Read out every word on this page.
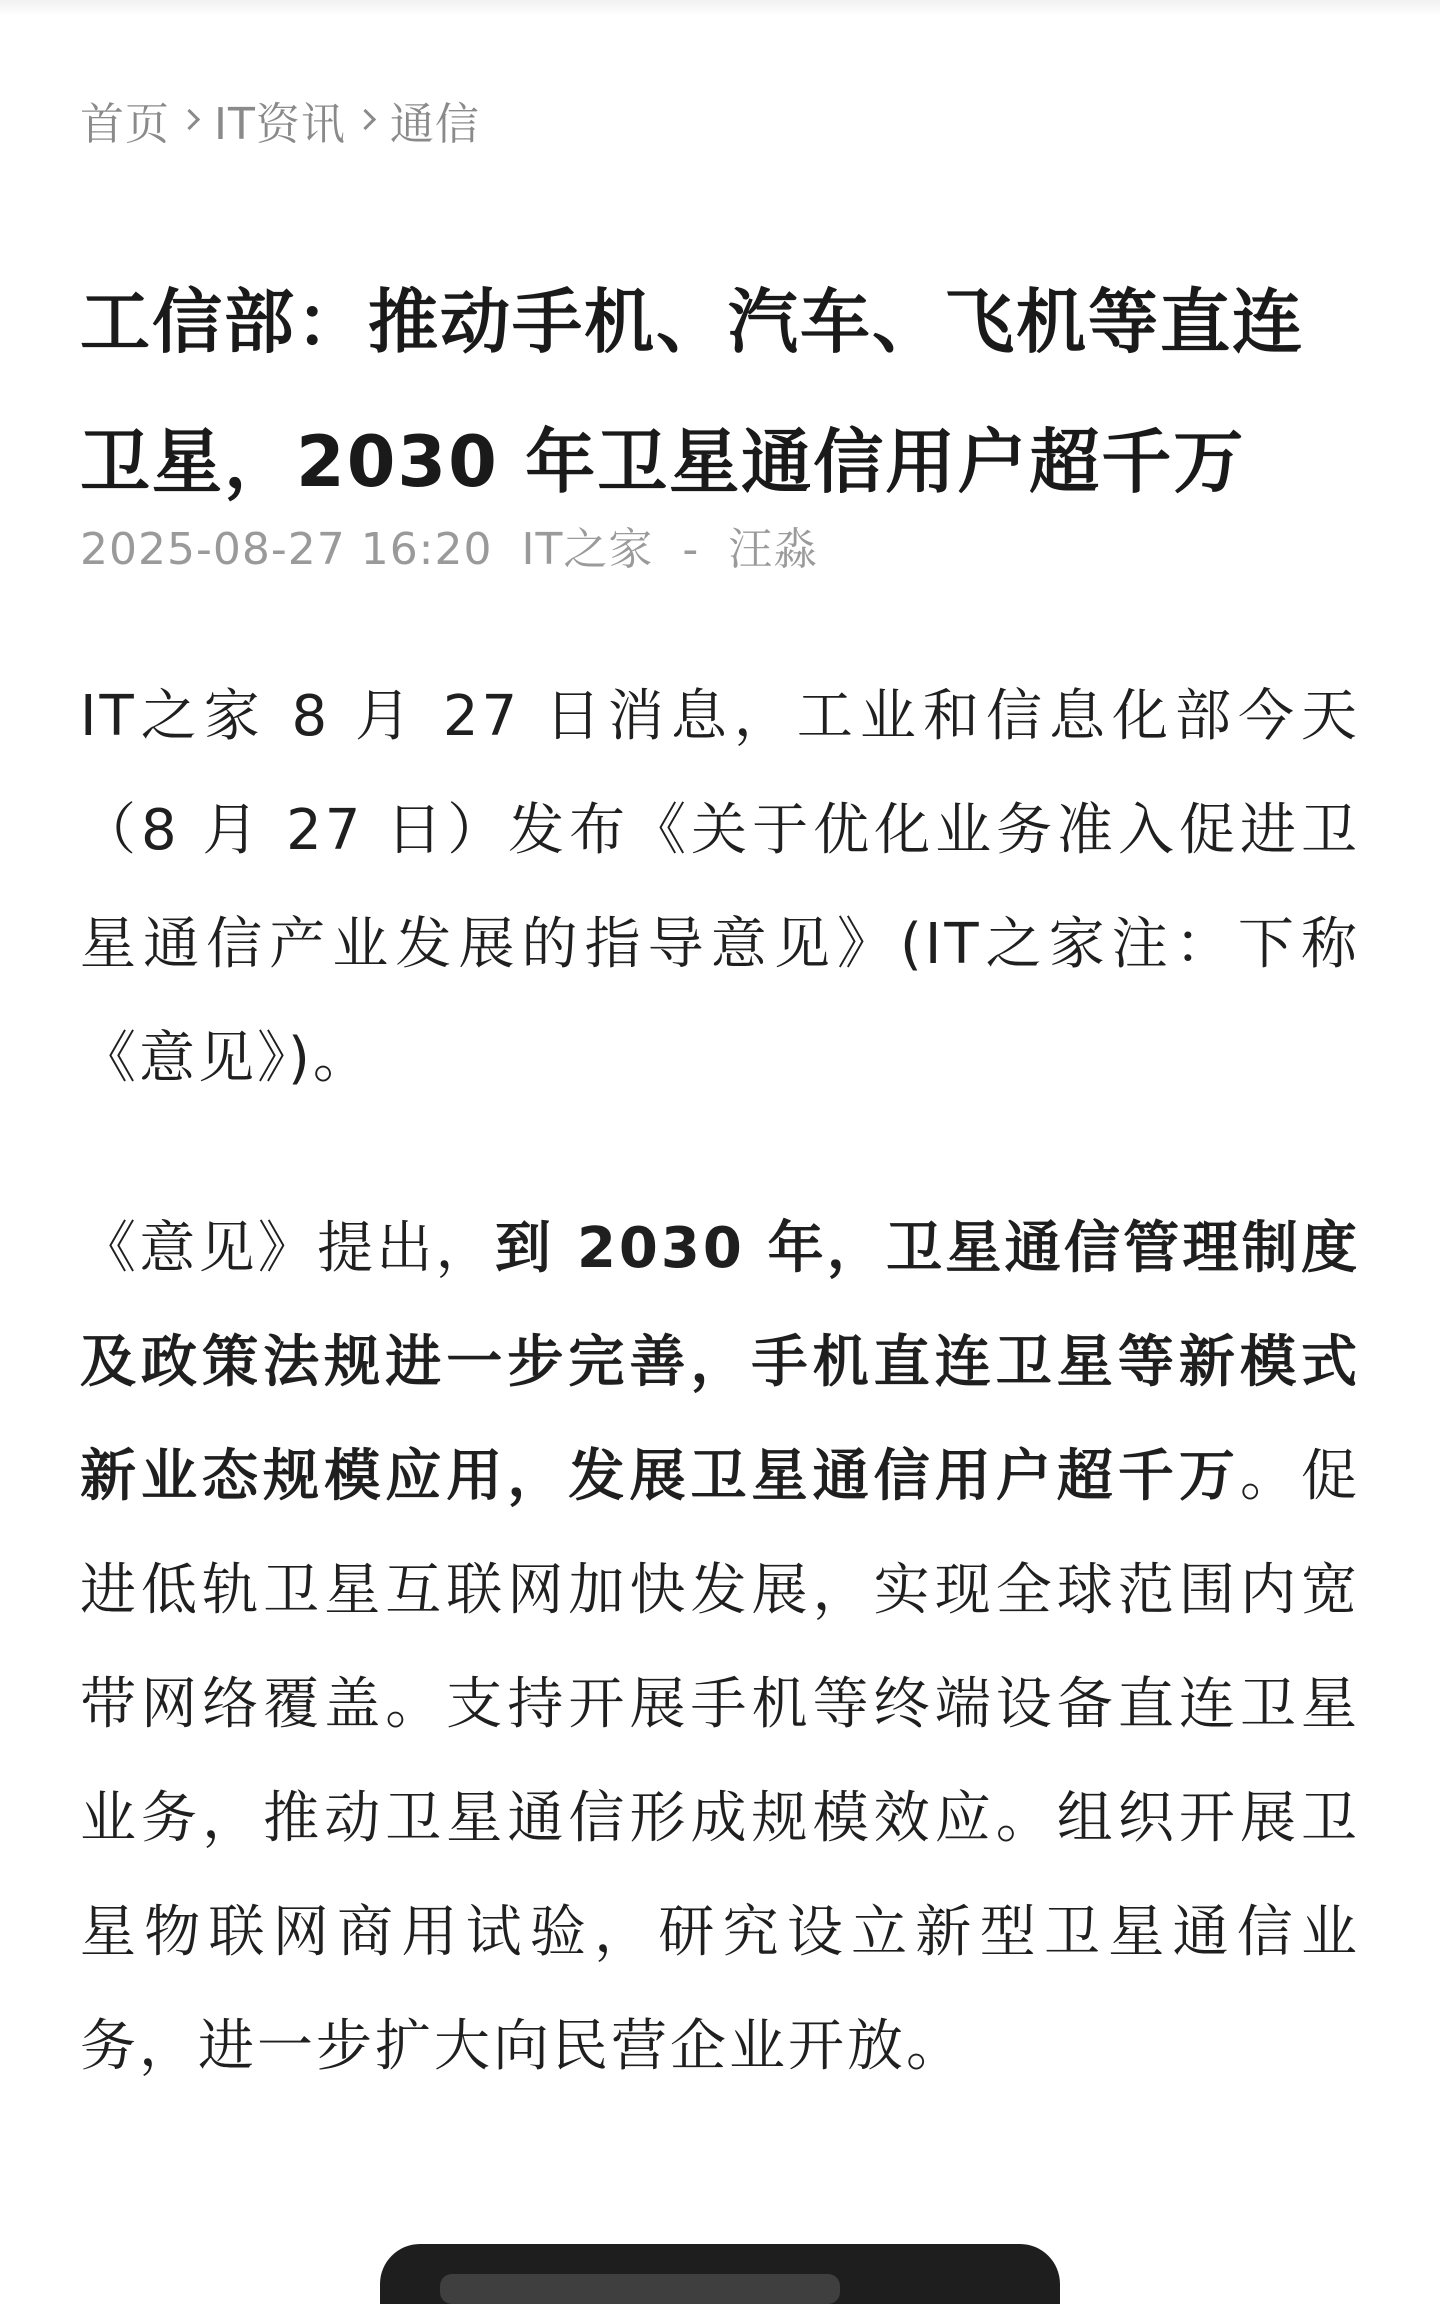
首页 IT资讯 通信
工信部：推动手机、汽车、飞机等直连卫星，2030 年卫星通信用户超千万
2025-08-27 16:20 IT之家 - 汪淼

IT之家 8 月 27 日消息，工业和信息化部今天（8 月 27 日）发布《关于优化业务准入促进卫星通信产业发展的指导意见》(IT之家注：下称《意见》)。

《意见》提出，到 2030 年，卫星通信管理制度及政策法规进一步完善，手机直连卫星等新模式新业态规模应用，发展卫星通信用户超千万。促进低轨卫星互联网加快发展，实现全球范围内宽带网络覆盖。支持开展手机等终端设备直连卫星业务，推动卫星通信形成规模效应。组织开展卫星物联网商用试验，研究设立新型卫星通信业务，进一步扩大向民营企业开放。
